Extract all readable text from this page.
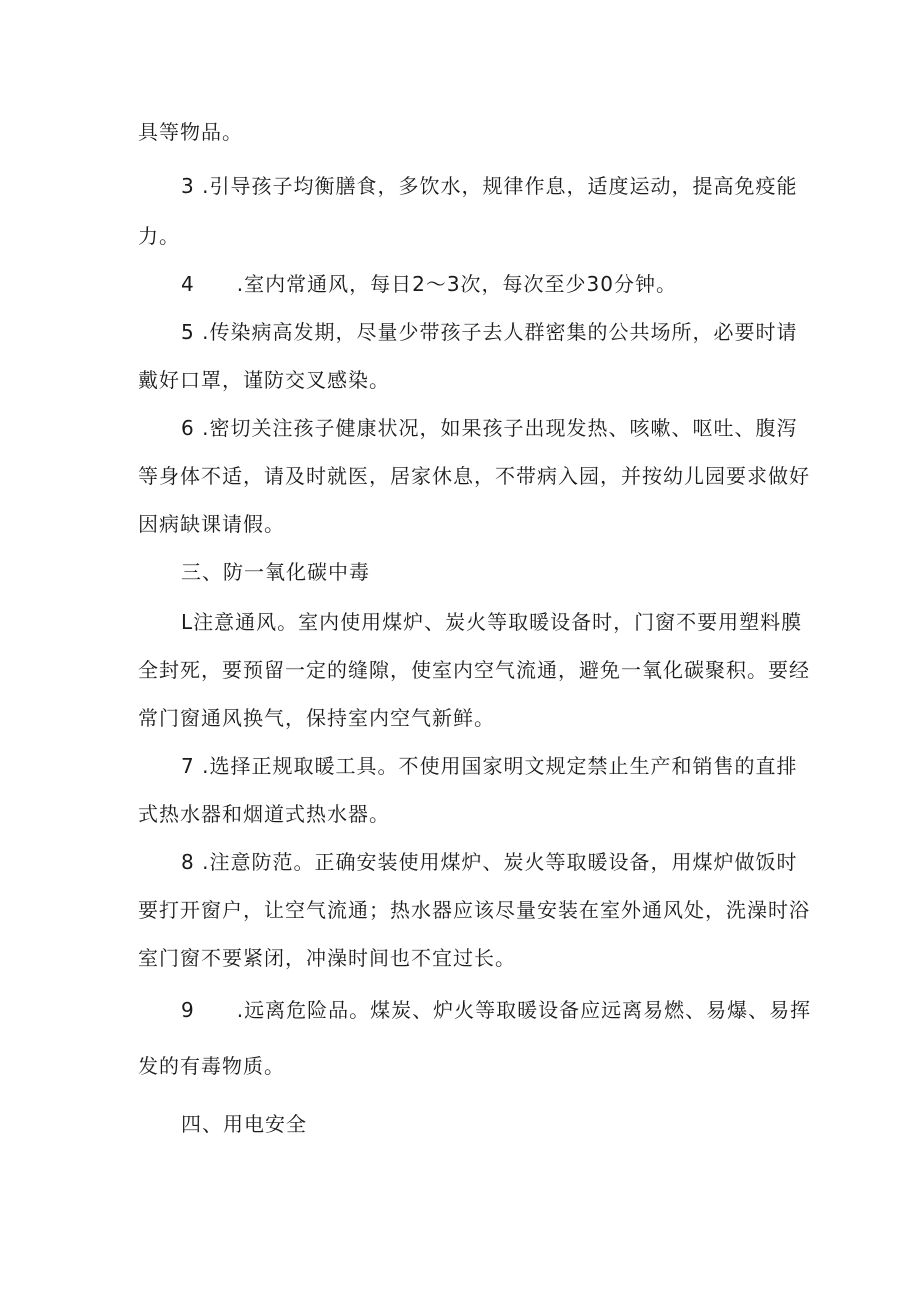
具等物品。
3 .引导孩子均衡膳食，多饮水，规律作息，适度运动，提高免疫能
力。
4 .室内常通风，每日2〜3次，每次至少30分钟。
5 .传染病高发期，尽量少带孩子去人群密集的公共场所，必要时请
戴好口罩，谨防交叉感染。
6 .密切关注孩子健康状况，如果孩子出现发热、咳嗽、呕吐、腹泻
等身体不适，请及时就医，居家休息，不带病入园，并按幼儿园要求做好
因病缺课请假。
三、防一氧化碳中毒
L注意通风。室内使用煤炉、炭火等取暖设备时，门窗不要用塑料膜
全封死，要预留一定的缝隙，使室内空气流通，避免一氧化碳聚积。要经
常门窗通风换气，保持室内空气新鲜。
7 .选择正规取暖工具。不使用国家明文规定禁止生产和销售的直排
式热水器和烟道式热水器。
8 .注意防范。正确安装使用煤炉、炭火等取暖设备，用煤炉做饭时
要打开窗户，让空气流通；热水器应该尽量安装在室外通风处，洗澡时浴
室门窗不要紧闭，冲澡时间也不宜过长。
9 .远离危险品。煤炭、炉火等取暖设备应远离易燃、易爆、易挥
发的有毒物质。
四、用电安全
